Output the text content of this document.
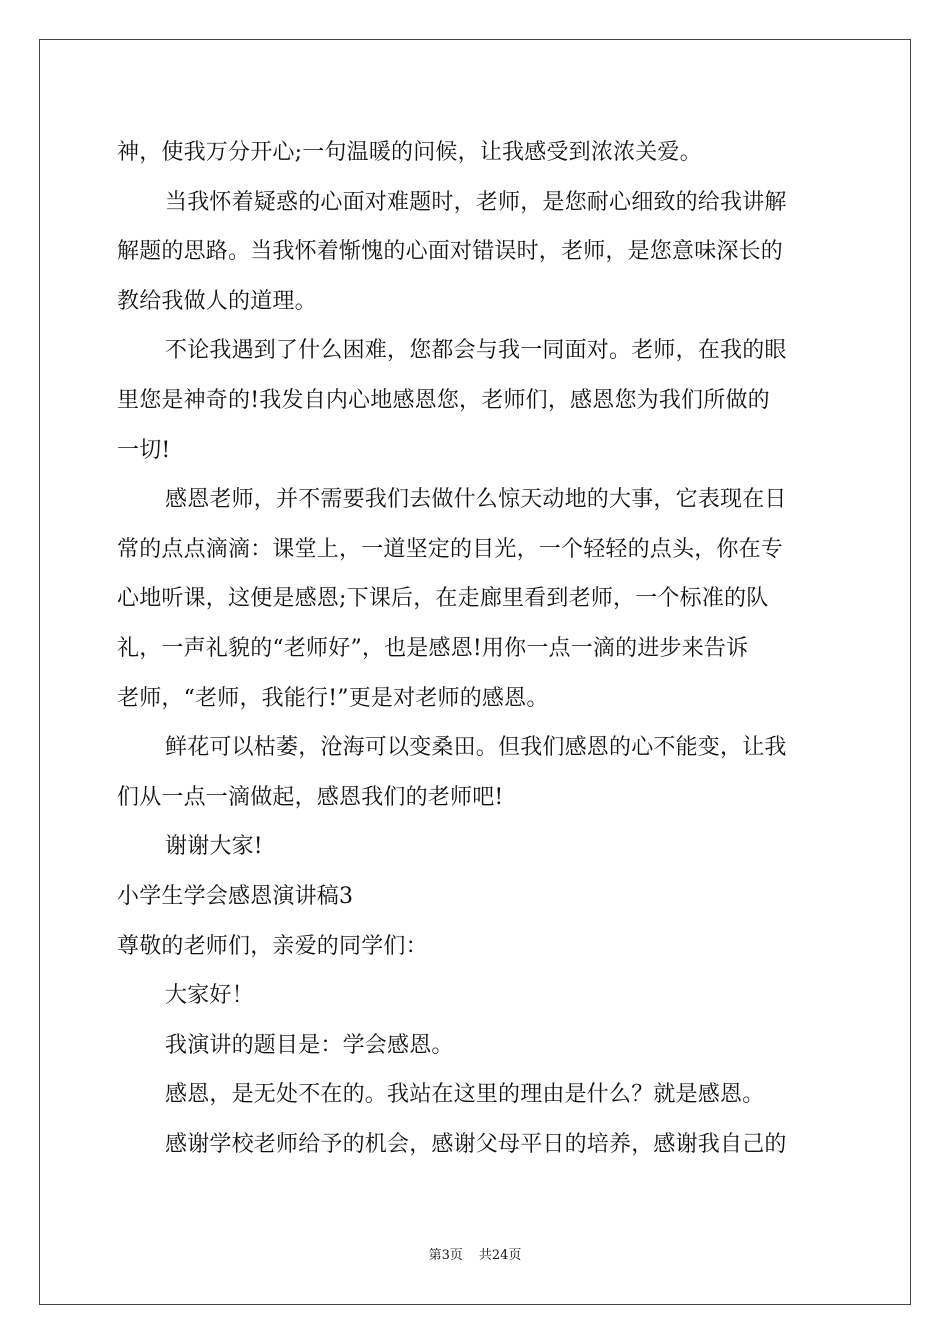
神，使我万分开心;一句温暖的问候，让我感受到浓浓关爱。
当我怀着疑惑的心面对难题时，老师，是您耐心细致的给我讲解
解题的思路。当我怀着惭愧的心面对错误时，老师，是您意味深长的
教给我做人的道理。
不论我遇到了什么困难，您都会与我一同面对。老师，在我的眼
里您是神奇的!我发自内心地感恩您，老师们，感恩您为我们所做的
一切!
感恩老师，并不需要我们去做什么惊天动地的大事，它表现在日
常的点点滴滴：课堂上，一道坚定的目光，一个轻轻的点头，你在专
心地听课，这便是感恩;下课后，在走廊里看到老师，一个标准的队
礼，一声礼貌的“老师好”，也是感恩!用你一点一滴的进步来告诉
老师，“老师，我能行!”更是对老师的感恩。
鲜花可以枯萎，沧海可以变桑田。但我们感恩的心不能变，让我
们从一点一滴做起，感恩我们的老师吧!
谢谢大家!
小学生学会感恩演讲稿3
尊敬的老师们，亲爱的同学们：
大家好！
我演讲的题目是：学会感恩。
感恩，是无处不在的。我站在这里的理由是什么？就是感恩。
感谢学校老师给予的机会，感谢父母平日的培养，感谢我自己的
第3页 共24页
